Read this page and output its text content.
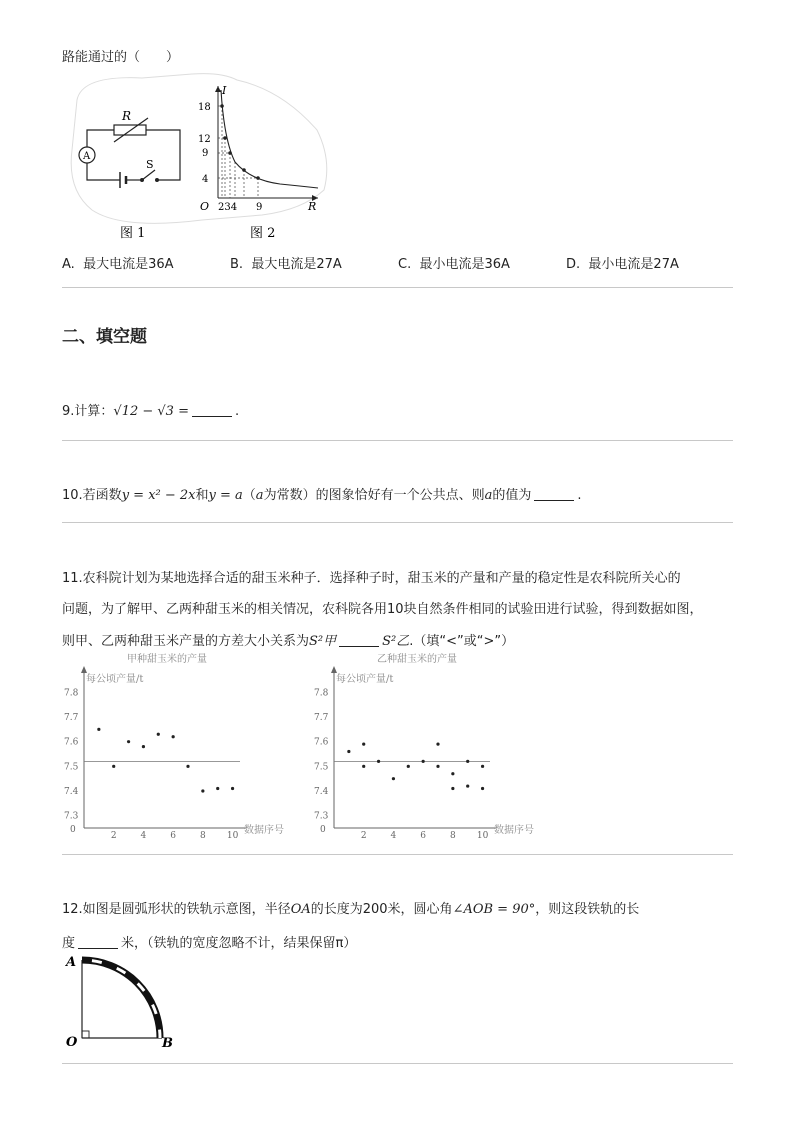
路能通过的（　　）
A
R
S
图 1
I
R
O
18
12
9
4
234 9
图 2
A. 最大电流是36A	B. 最大电流是27A	C. 最小电流是36A	D. 最小电流是27A
二、填空题
9.计算：√12 − √3 =	.
10.若函数y = x² − 2x和y = a（a为常数）的图象恰好有一个公共点、则a的值为	.
11.农科院计划为某地选择合适的甜玉米种子．选择种子时，甜玉米的产量和产量的稳定性是农科院所关心的
问题，为了解甲、乙两种甜玉米的相关情况，农科院各用10块自然条件相同的试验田进行试验，得到数据如图，
则甲、乙两种甜玉米产量的方差大小关系为S²甲	S²乙.（填“<”或“>”）
甲种甜玉米的产量
每公顷产量/t
数据序号
0
7.3
7.4
7.5
7.6
7.7
7.8
2	4	6	8 10
乙种甜玉米的产量
每公顷产量/t
数据序号
0
7.3
7.4
7.5
7.6
7.7
7.8
2	4	6	8 10
12.如图是圆弧形状的铁轨示意图，半径OA的长度为200米，圆心角∠AOB = 90°，则这段铁轨的长
度	米，（铁轨的宽度忽略不计，结果保留π）
A
O	B
